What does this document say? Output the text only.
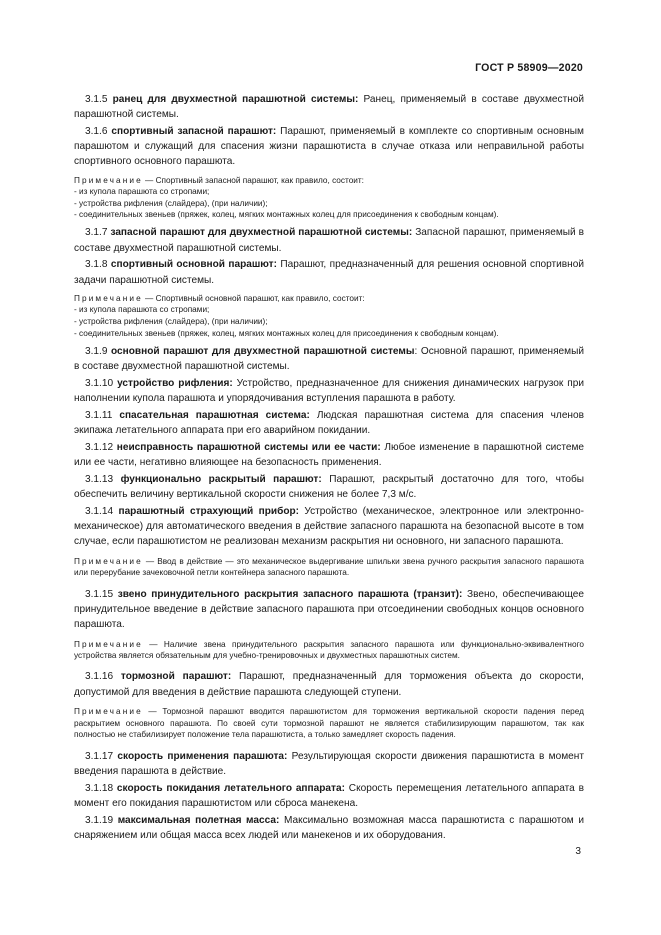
ГОСТ Р 58909—2020

3.1.5 ранец для двухместной парашютной системы: Ранец, применяемый в составе двухместной парашютной системы.

3.1.6 спортивный запасной парашют: Парашют, применяемый в комплекте со спортивным основным парашютом и служащий для спасения жизни парашютиста в случае отказа или неправильной работы спортивного основного парашюта.

Примечание — Спортивный запасной парашют, как правило, состоит:

- из купола парашюта со стропами;

- устройства рифления (слайдера), (при наличии);

- соединительных звеньев (пряжек, колец, мягких монтажных колец для присоединения к свободным концам).

3.1.7 запасной парашют для двухместной парашютной системы: Запасной парашют, применяемый в составе двухместной парашютной системы.

3.1.8 спортивный основной парашют: Парашют, предназначенный для решения основной спортивной задачи парашютной системы.

Примечание — Спортивный основной парашют, как правило, состоит:

- из купола парашюта со стропами;

- устройства рифления (слайдера), (при наличии);

- соединительных звеньев (пряжек, колец, мягких монтажных колец для присоединения к свободным концам).

3.1.9 основной парашют для двухместной парашютной системы: Основной парашют, применяемый в составе двухместной парашютной системы.

3.1.10 устройство рифления: Устройство, предназначенное для снижения динамических нагрузок при наполнении купола парашюта и упорядочивания вступления парашюта в работу.

3.1.11 спасательная парашютная система: Людская парашютная система для спасения членов экипажа летательного аппарата при его аварийном покидании.

3.1.12 неисправность парашютной системы или ее части: Любое изменение в парашютной системе или ее части, негативно влияющее на безопасность применения.

3.1.13 функционально раскрытый парашют: Парашют, раскрытый достаточно для того, чтобы обеспечить величину вертикальной скорости снижения не более 7,3 м/с.

3.1.14 парашютный страхующий прибор: Устройство (механическое, электронное или электронно-механическое) для автоматического введения в действие запасного парашюта на безопасной высоте в том случае, если парашютистом не реализован механизм раскрытия ни основного, ни запасного парашюта.

Примечание — Ввод в действие — это механическое выдергивание шпильки звена ручного раскрытия запасного парашюта или перерубание зачековочной петли контейнера запасного парашюта.

3.1.15 звено принудительного раскрытия запасного парашюта (транзит): Звено, обеспечивающее принудительное введение в действие запасного парашюта при отсоединении свободных концов основного парашюта.

Примечание — Наличие звена принудительного раскрытия запасного парашюта или функционально-эквивалентного устройства является обязательным для учебно-тренировочных и двухместных парашютных систем.

3.1.16 тормозной парашют: Парашют, предназначенный для торможения объекта до скорости, допустимой для введения в действие парашюта следующей ступени.

Примечание — Тормозной парашют вводится парашютистом для торможения вертикальной скорости падения перед раскрытием основного парашюта. По своей сути тормозной парашют не является стабилизирующим парашютом, так как полностью не стабилизирует положение тела парашютиста, а только замедляет скорость падения.

3.1.17 скорость применения парашюта: Результирующая скорости движения парашютиста в момент введения парашюта в действие.

3.1.18 скорость покидания летательного аппарата: Скорость перемещения летательного аппарата в момент его покидания парашютистом или сброса манекена.

3.1.19 максимальная полетная масса: Максимально возможная масса парашютиста с парашютом и снаряжением или общая масса всех людей или манекенов и их оборудования.

3
